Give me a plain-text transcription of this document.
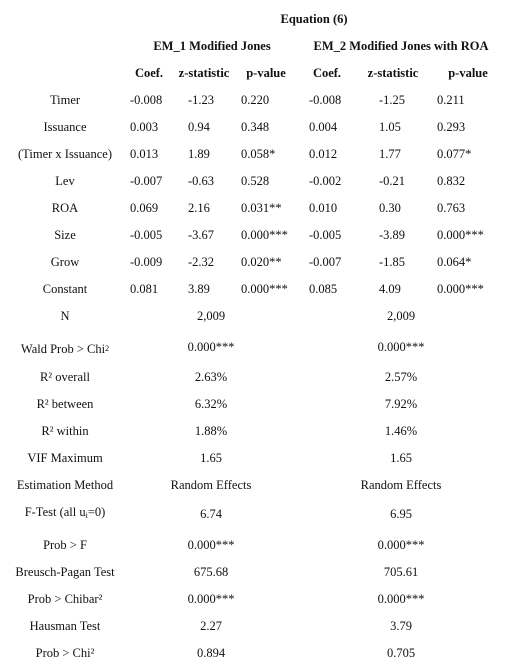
Equation (6)
EM_1 Modified Jones	EM_2 Modified Jones with ROA
Coef. z-statistic p-value Coef. z-statistic p-value
Timer	-0.008 -1.23 0.220	-0.008	-1.25	0.211
Issuance	0.003 0.94 0.348	0.004	1.05	0.293
(Timer x Issuance) 0.013 1.89 0.058*	0.012	1.77	0.077*
Lev	-0.007 -0.63 0.528	-0.002	-0.21	0.832
ROA	0.069 2.16 0.031** 0.010	0.30	0.763
Size	-0.005 -3.67 0.000*** -0.005	-3.89	0.000***
Grow	-0.009 -2.32 0.020** -0.007	-1.85	0.064*
Constant	0.081 3.89 0.000*** 0.085	4.09	0.000***
N	2,009	2,009
Wald Prob > Chi$^2$	0.000***	0.000***
R² overall	2.63%	2.57%
R² between	6.32%	7.92%
R² within	1.88%	1.46%
VIF Maximum	1.65	1.65
Estimation Method	Random Effects	Random Effects
F-Test (all $u_i=0$)	6.74	6.95
Prob > F	0.000***	0.000***
Breusch-Pagan Test	675.68	705.61
Prob > Chibar²	0.000***	0.000***
Hausman Test	2.27	3.79
Prob > Chi²	0.894	0.705
